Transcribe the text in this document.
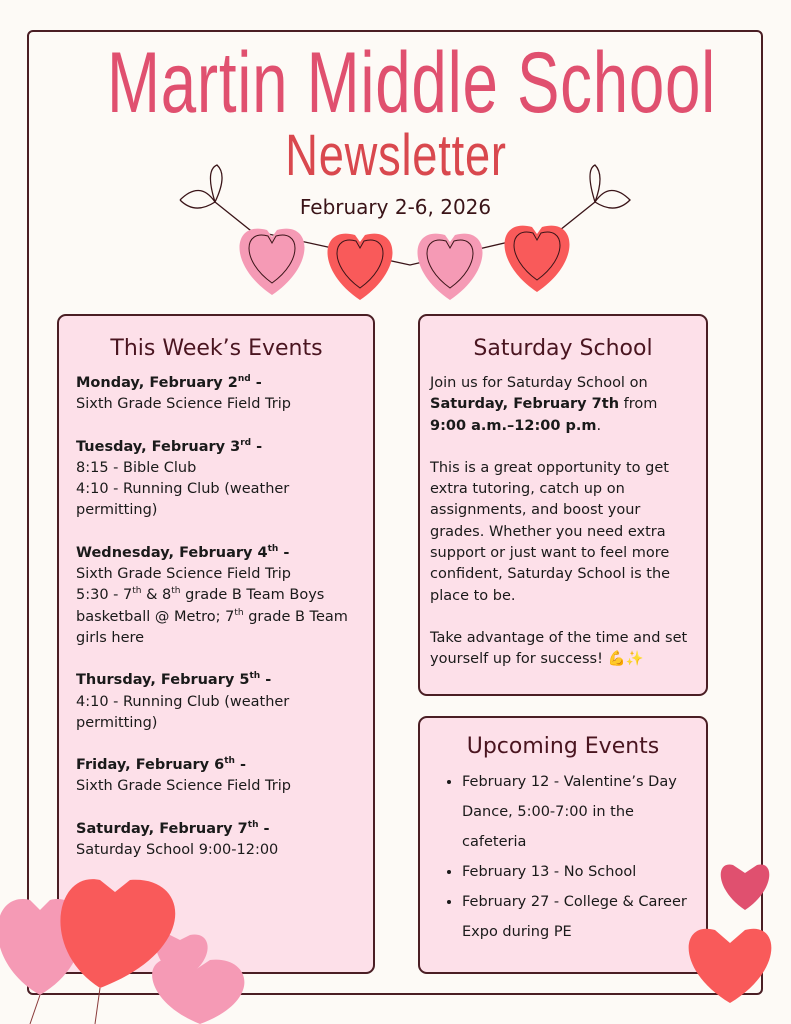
Martin Middle School
Newsletter
February 2-6, 2026
This Week’s Events
Monday, February 2nd -
Sixth Grade Science Field Trip
Tuesday, February 3rd -
8:15 - Bible Club
4:10 - Running Club (weather permitting)
Wednesday, February 4th -
Sixth Grade Science Field Trip
5:30 - 7th & 8th grade B Team Boys basketball @ Metro; 7th grade B Team girls here
Thursday, February 5th -
4:10 - Running Club (weather permitting)
Friday, February 6th -
Sixth Grade Science Field Trip
Saturday, February 7th -
Saturday School 9:00-12:00
Saturday School

Join us for Saturday School on Saturday, February 7th from 9:00 a.m.–12:00 p.m.

This is a great opportunity to get extra tutoring, catch up on assignments, and boost your grades. Whether you need extra support or just want to feel more confident, Saturday School is the place to be.

Take advantage of the time and set yourself up for success! 💪✨

Upcoming Events
• February 12 - Valentine’s Day Dance, 5:00-7:00 in the cafeteria
• February 13 - No School
• February 27 - College & Career Expo during PE
